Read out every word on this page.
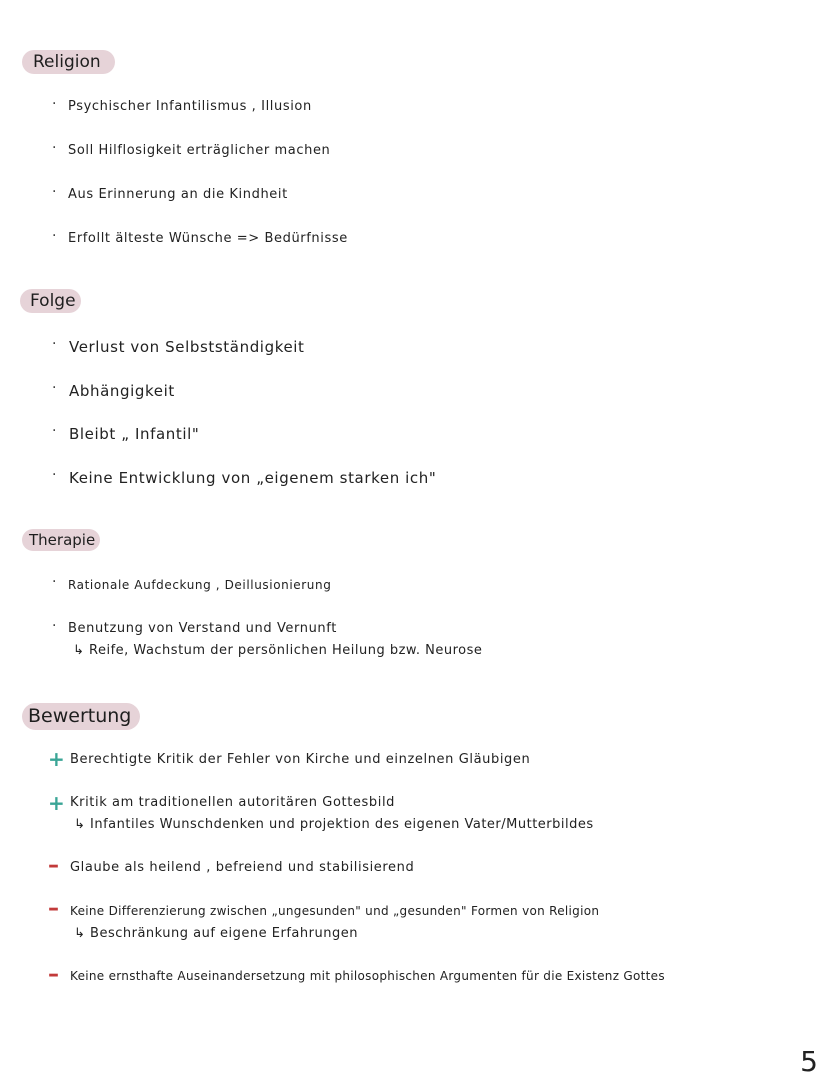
Religion
· Psychischer Infantilismus , Illusion
· Soll Hilflosigkeit erträglicher machen
· Aus Erinnerung an die Kindheit
· Erfollt älteste Wünsche => Bedürfnisse
Folge
· Verlust von Selbstständigkeit
· Abhängigkeit
· Bleibt „ Infantil"
· Keine Entwicklung von „eigenem starken ich"
Therapie
· Rationale Aufdeckung , Deillusionierung
· Benutzung von Verstand und Vernunft
↳ Reife, Wachstum der persönlichen Heilung bzw. Neurose
Bewertung
+ Berechtigte Kritik der Fehler von Kirche und einzelnen Gläubigen
+ Kritik am traditionellen autoritären Gottesbild
↳ Infantiles Wunschdenken und projektion des eigenen Vater/Mutterbildes
– Glaube als heilend , befreiend und stabilisierend
– Keine Differenzierung zwischen „ungesunden" und „gesunden" Formen von Religion
↳ Beschränkung auf eigene Erfahrungen
– Keine ernsthafte Auseinandersetzung mit philosophischen Argumenten für die Existenz Gottes
5
